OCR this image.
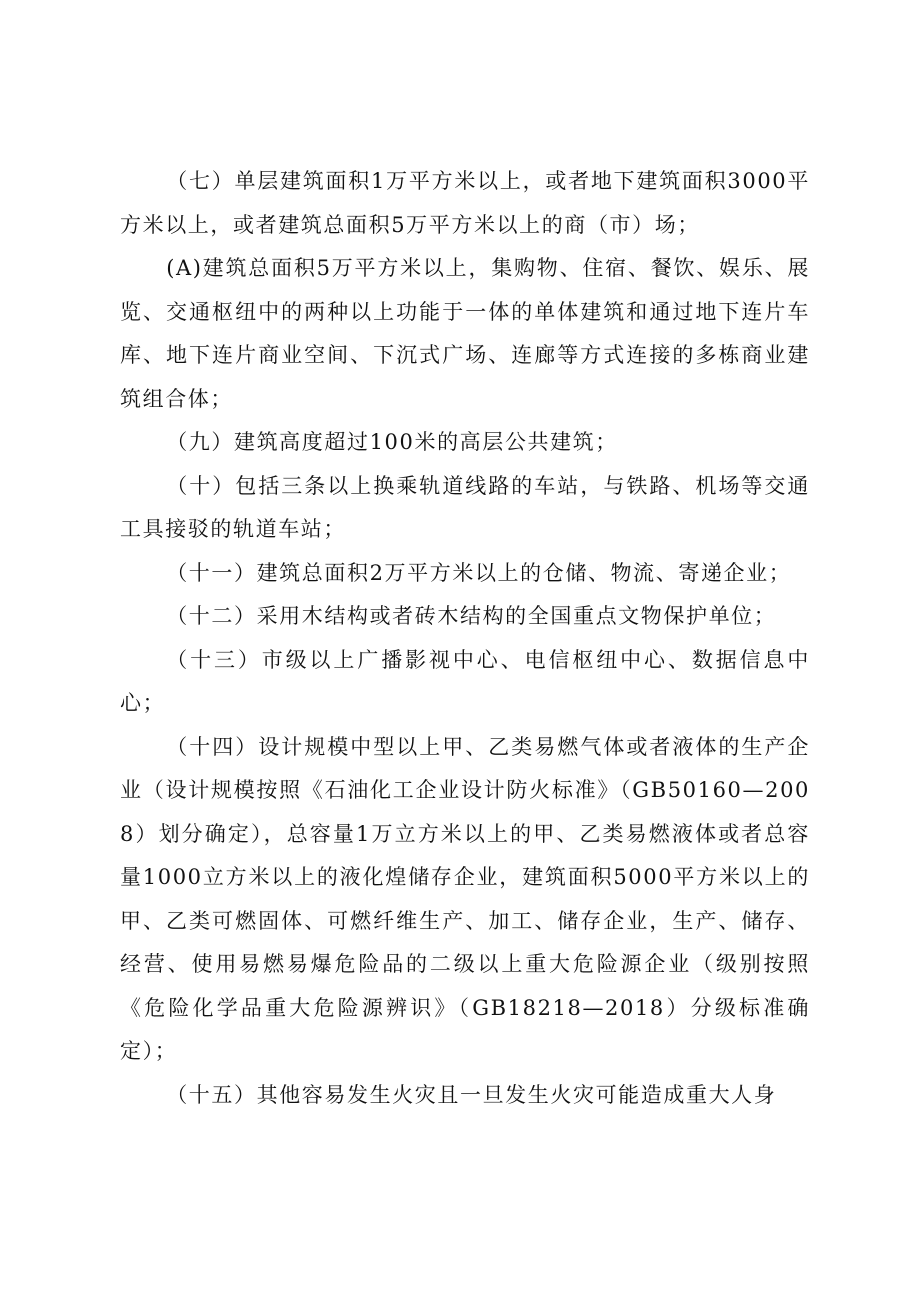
（七）单层建筑面积1万平方米以上，或者地下建筑面积3000平方米以上，或者建筑总面积5万平方米以上的商（市）场；

(A)建筑总面积5万平方米以上，集购物、住宿、餐饮、娱乐、展览、交通枢纽中的两种以上功能于一体的单体建筑和通过地下连片车库、地下连片商业空间、下沉式广场、连廊等方式连接的多栋商业建筑组合体；

（九）建筑高度超过100米的高层公共建筑；

（十）包括三条以上换乘轨道线路的车站，与铁路、机场等交通工具接驳的轨道车站；

（十一）建筑总面积2万平方米以上的仓储、物流、寄递企业；

（十二）采用木结构或者砖木结构的全国重点文物保护单位；

（十三）市级以上广播影视中心、电信枢纽中心、数据信息中心；

（十四）设计规模中型以上甲、乙类易燃气体或者液体的生产企业（设计规模按照《石油化工企业设计防火标准》（GB50160—2008）划分确定），总容量1万立方米以上的甲、乙类易燃液体或者总容量1000立方米以上的液化煌储存企业，建筑面积5000平方米以上的甲、乙类可燃固体、可燃纤维生产、加工、储存企业，生产、储存、经营、使用易燃易爆危险品的二级以上重大危险源企业（级别按照《危险化学品重大危险源辨识》（GB18218—2018）分级标准确定）；

（十五）其他容易发生火灾且一旦发生火灾可能造成重大人身
